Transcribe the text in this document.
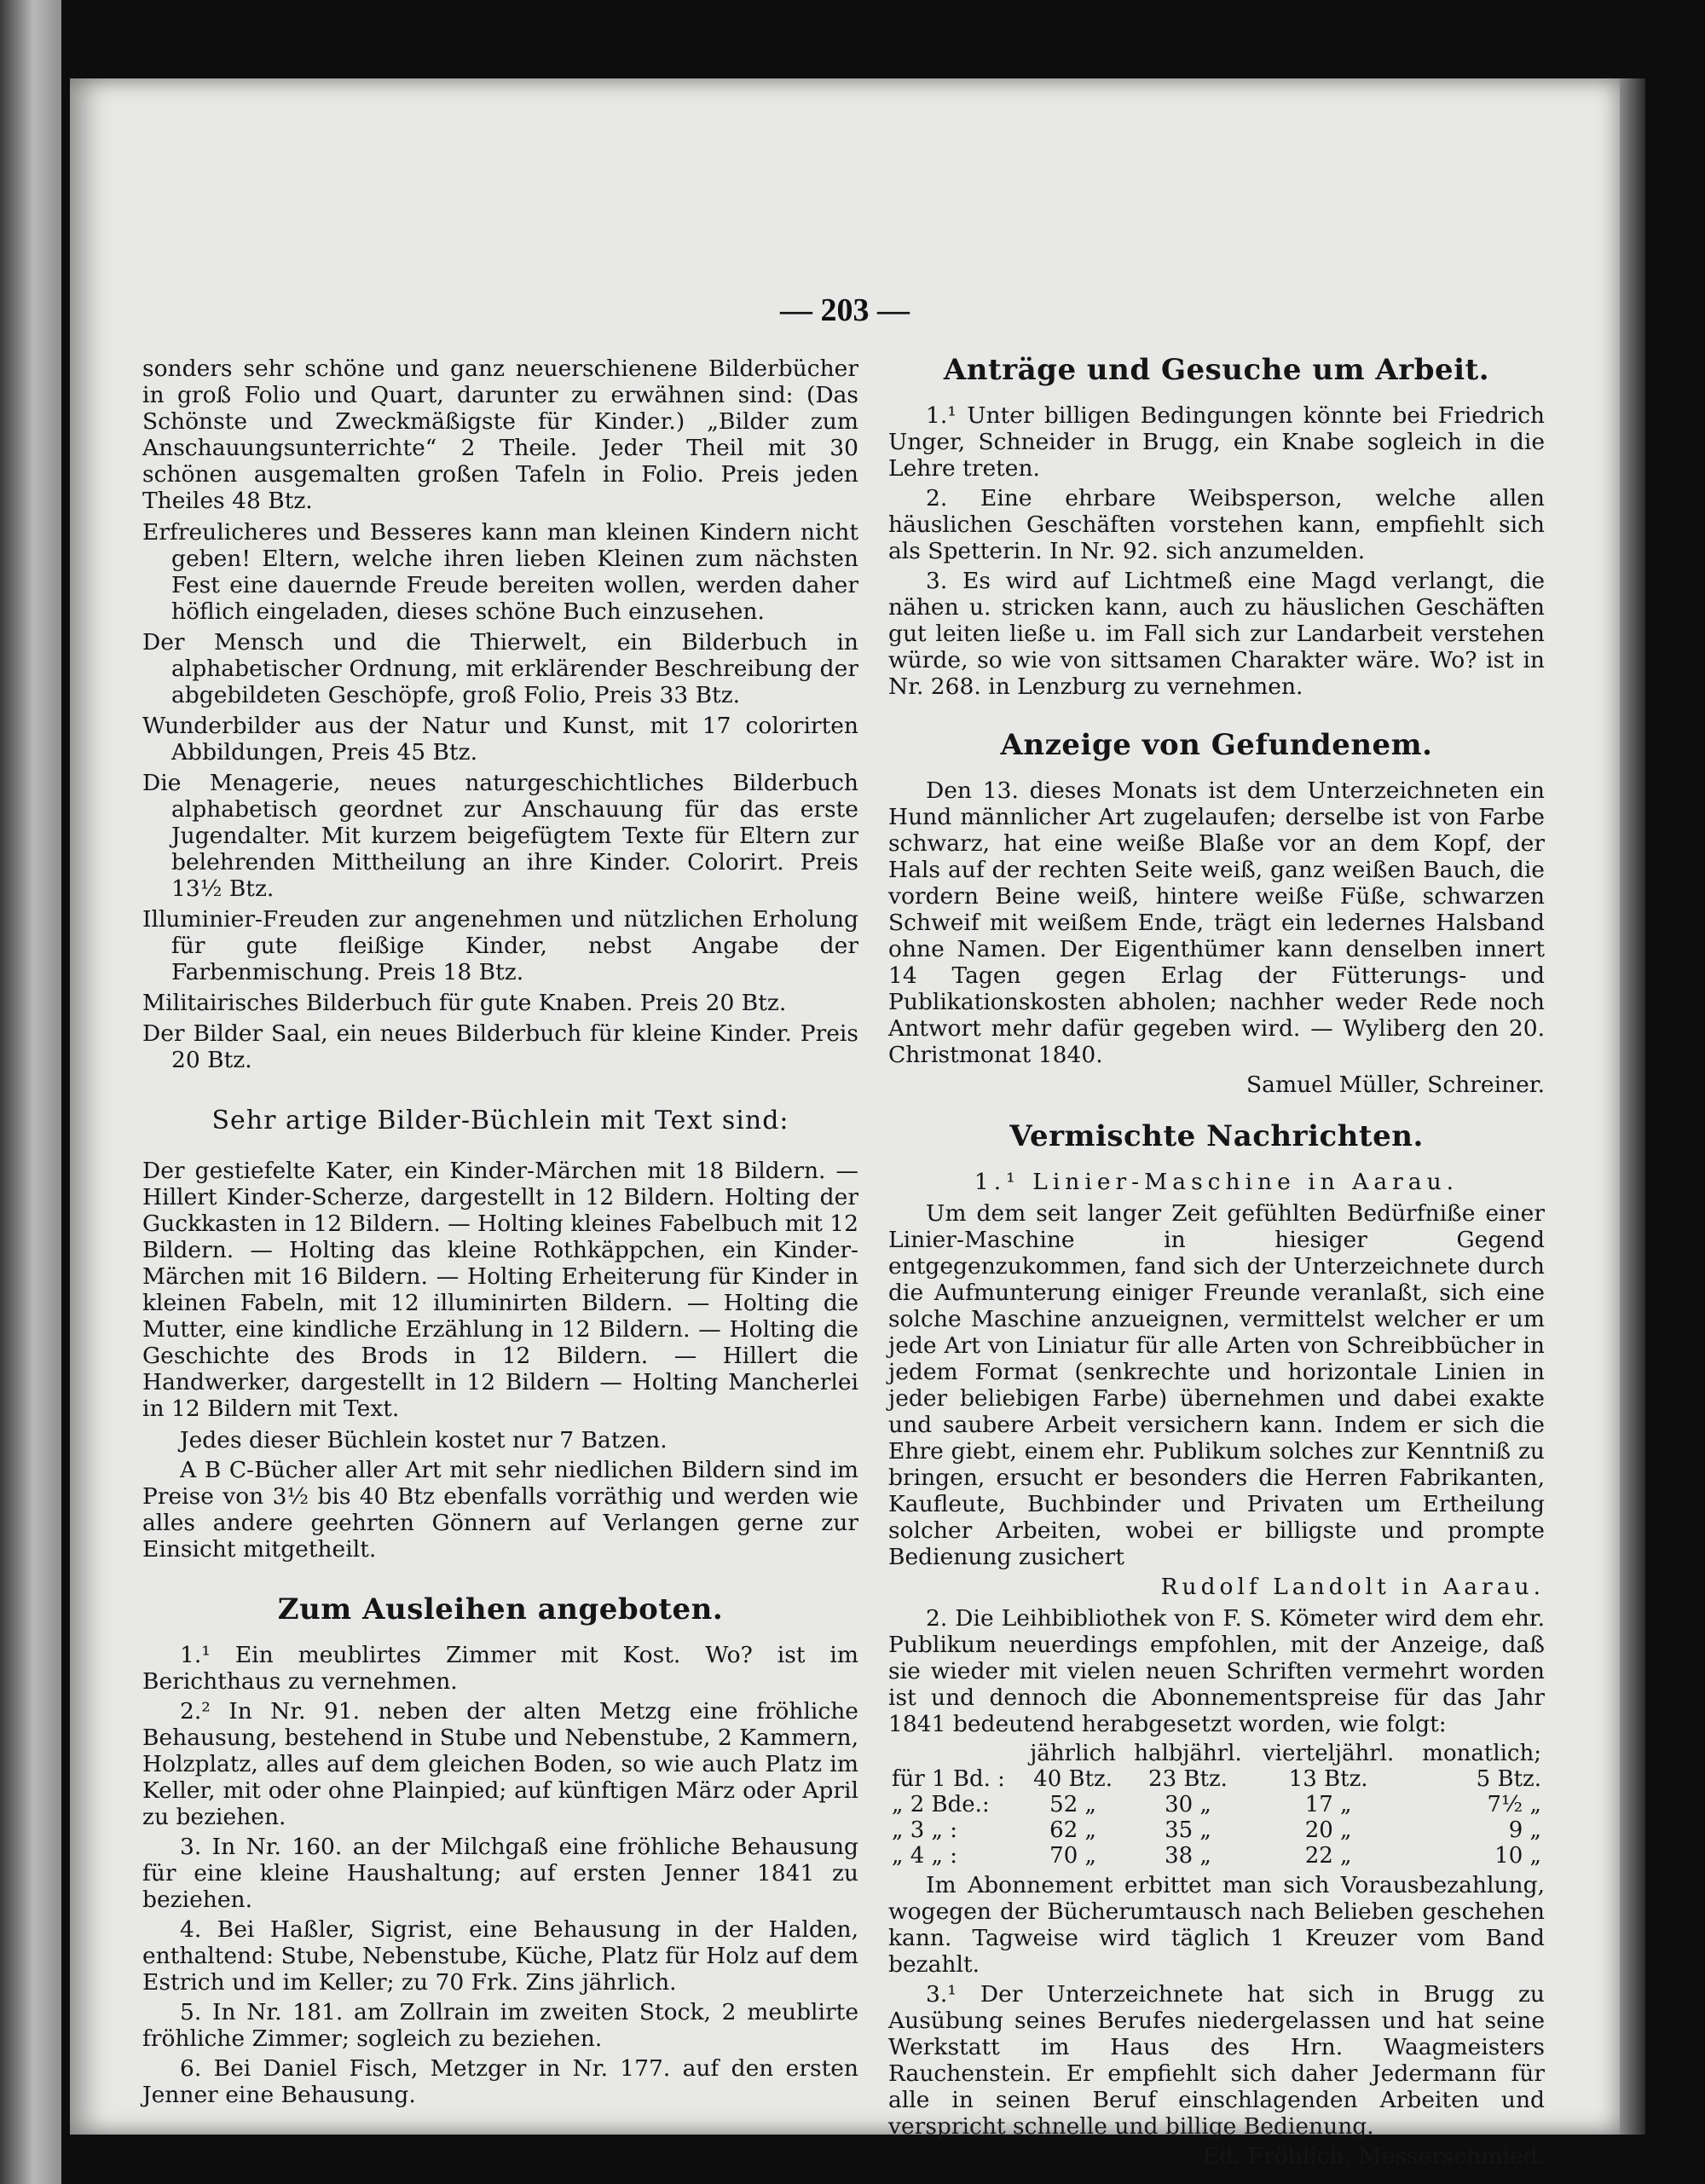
— 203 —

sonders sehr schöne und ganz neuerschienene Bilderbücher in groß Folio und Quart, darunter zu erwähnen sind: (Das Schönste und Zweckmäßigste für Kinder.) „Bilder zum Anschauungsunterrichte“ 2 Theile. Jeder Theil mit 30 schönen ausgemalten großen Tafeln in Folio. Preis jeden Theiles 48 Btz.

Erfreulicheres und Besseres kann man kleinen Kindern nicht geben! Eltern, welche ihren lieben Kleinen zum nächsten Fest eine dauernde Freude bereiten wollen, werden daher höflich eingeladen, dieses schöne Buch einzusehen.

Der Mensch und die Thierwelt, ein Bilderbuch in alphabetischer Ordnung, mit erklärender Beschreibung der abgebildeten Geschöpfe, groß Folio, Preis 33 Btz.

Wunderbilder aus der Natur und Kunst, mit 17 colorirten Abbildungen, Preis 45 Btz.

Die Menagerie, neues naturgeschichtliches Bilderbuch alphabetisch geordnet zur Anschauung für das erste Jugendalter. Mit kurzem beigefügtem Texte für Eltern zur belehrenden Mittheilung an ihre Kinder. Colorirt. Preis 13½ Btz.

Illuminier-Freuden zur angenehmen und nützlichen Erholung für gute fleißige Kinder, nebst Angabe der Farbenmischung. Preis 18 Btz.

Militairisches Bilderbuch für gute Knaben. Preis 20 Btz.

Der Bilder Saal, ein neues Bilderbuch für kleine Kinder. Preis 20 Btz.

Sehr artige Bilder-Büchlein mit Text sind:

Der gestiefelte Kater, ein Kinder-Märchen mit 18 Bildern. — Hillert Kinder-Scherze, dargestellt in 12 Bildern. Holting der Guckkasten in 12 Bildern. — Holting kleines Fabelbuch mit 12 Bildern. — Holting das kleine Rothkäppchen, ein Kinder-Märchen mit 16 Bildern. — Holting Erheiterung für Kinder in kleinen Fabeln, mit 12 illuminirten Bildern. — Holting die Mutter, eine kindliche Erzählung in 12 Bildern. — Holting die Geschichte des Brods in 12 Bildern. — Hillert die Handwerker, dargestellt in 12 Bildern — Holting Mancherlei in 12 Bildern mit Text.

Jedes dieser Büchlein kostet nur 7 Batzen.

A B C-Bücher aller Art mit sehr niedlichen Bildern sind im Preise von 3½ bis 40 Btz ebenfalls vorräthig und werden wie alles andere geehrten Gönnern auf Verlangen gerne zur Einsicht mitgetheilt.

Zum Ausleihen angeboten.

1.¹ Ein meublirtes Zimmer mit Kost. Wo? ist im Berichthaus zu vernehmen.

2.² In Nr. 91. neben der alten Metzg eine fröhliche Behausung, bestehend in Stube und Nebenstube, 2 Kammern, Holzplatz, alles auf dem gleichen Boden, so wie auch Platz im Keller, mit oder ohne Plainpied; auf künftigen März oder April zu beziehen.

3. In Nr. 160. an der Milchgaß eine fröhliche Behausung für eine kleine Haushaltung; auf ersten Jenner 1841 zu beziehen.

4. Bei Haßler, Sigrist, eine Behausung in der Halden, enthaltend: Stube, Nebenstube, Küche, Platz für Holz auf dem Estrich und im Keller; zu 70 Frk. Zins jährlich.

5. In Nr. 181. am Zollrain im zweiten Stock, 2 meublirte fröhliche Zimmer; sogleich zu beziehen.

6. Bei Daniel Fisch, Metzger in Nr. 177. auf den ersten Jenner eine Behausung.

Anträge und Gesuche um Arbeit.

1.¹ Unter billigen Bedingungen könnte bei Friedrich Unger, Schneider in Brugg, ein Knabe sogleich in die Lehre treten.

2. Eine ehrbare Weibsperson, welche allen häuslichen Geschäften vorstehen kann, empfiehlt sich als Spetterin. In Nr. 92. sich anzumelden.

3. Es wird auf Lichtmeß eine Magd verlangt, die nähen u. stricken kann, auch zu häuslichen Geschäften gut leiten ließe u. im Fall sich zur Landarbeit verstehen würde, so wie von sittsamen Charakter wäre. Wo? ist in Nr. 268. in Lenzburg zu vernehmen.

Anzeige von Gefundenem.

Den 13. dieses Monats ist dem Unterzeichneten ein Hund männlicher Art zugelaufen; derselbe ist von Farbe schwarz, hat eine weiße Blaße vor an dem Kopf, der Hals auf der rechten Seite weiß, ganz weißen Bauch, die vordern Beine weiß, hintere weiße Füße, schwarzen Schweif mit weißem Ende, trägt ein ledernes Halsband ohne Namen. Der Eigenthümer kann denselben innert 14 Tagen gegen Erlag der Fütterungs- und Publikationskosten abholen; nachher weder Rede noch Antwort mehr dafür gegeben wird. — Wyliberg den 20. Christmonat 1840.

Samuel Müller, Schreiner.

Vermischte Nachrichten.

1.¹ Linier-Maschine in Aarau.

Um dem seit langer Zeit gefühlten Bedürfniße einer Linier-Maschine in hiesiger Gegend entgegenzukommen, fand sich der Unterzeichnete durch die Aufmunterung einiger Freunde veranlaßt, sich eine solche Maschine anzueignen, vermittelst welcher er um jede Art von Liniatur für alle Arten von Schreibbücher in jedem Format (senkrechte und horizontale Linien in jeder beliebigen Farbe) übernehmen und dabei exakte und saubere Arbeit versichern kann. Indem er sich die Ehre giebt, einem ehr. Publikum solches zur Kenntniß zu bringen, ersucht er besonders die Herren Fabrikanten, Kaufleute, Buchbinder und Privaten um Ertheilung solcher Arbeiten, wobei er billigste und prompte Bedienung zusichert

Rudolf Landolt in Aarau.

2. Die Leihbibliothek von F. S. Kömeter wird dem ehr. Publikum neuerdings empfohlen, mit der Anzeige, daß sie wieder mit vielen neuen Schriften vermehrt worden ist und dennoch die Abonnementspreise für das Jahr 1841 bedeutend herabgesetzt worden, wie folgt:

	jährlich	halbjährl.	vierteljährl.	monatlich;
für 1 Bd. :	40 Btz.	23 Btz.	13 Btz.	5 Btz.
„ 2 Bde.:	52 „	30 „	17 „	7½ „
„ 3 „ :	62 „	35 „	20 „	9 „
„ 4 „ :	70 „	38 „	22 „	10 „

Im Abonnement erbittet man sich Vorausbezahlung, wogegen der Bücherumtausch nach Belieben geschehen kann. Tagweise wird täglich 1 Kreuzer vom Band bezahlt.

3.¹ Der Unterzeichnete hat sich in Brugg zu Ausübung seines Berufes niedergelassen und hat seine Werkstatt im Haus des Hrn. Waagmeisters Rauchenstein. Er empfiehlt sich daher Jedermann für alle in seinen Beruf einschlagenden Arbeiten und verspricht schnelle und billige Bedienung.

Ed. Fröhlich, Messerschmied.
